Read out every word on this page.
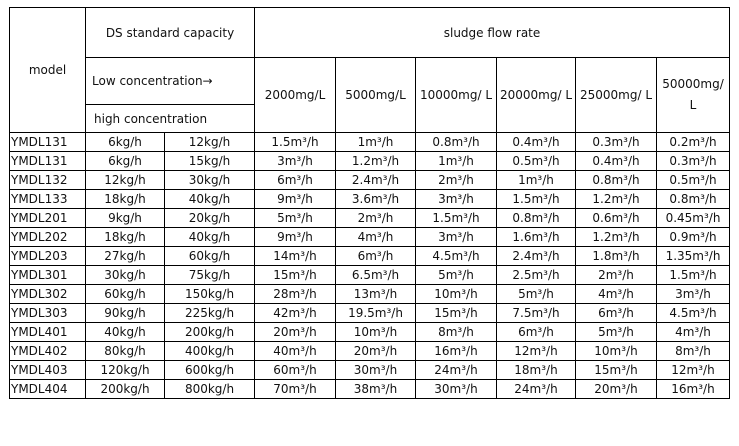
model	DS standard capacity		sludge flow rate					
	Low concentration→		2000mg/L	5000mg/L	10000mg/ L	20000mg/ L	25000mg/ L	50000mg/ L
	high concentration							
YMDL131	6kg/h	12kg/h	1.5m³/h	1m³/h	0.8m³/h	0.4m³/h	0.3m³/h	0.2m³/h
YMDL131	6kg/h	15kg/h	3m³/h	1.2m³/h	1m³/h	0.5m³/h	0.4m³/h	0.3m³/h
YMDL132	12kg/h	30kg/h	6m³/h	2.4m³/h	2m³/h	1m³/h	0.8m³/h	0.5m³/h
YMDL133	18kg/h	40kg/h	9m³/h	3.6m³/h	3m³/h	1.5m³/h	1.2m³/h	0.8m³/h
YMDL201	9kg/h	20kg/h	5m³/h	2m³/h	1.5m³/h	0.8m³/h	0.6m³/h	0.45m³/h
YMDL202	18kg/h	40kg/h	9m³/h	4m³/h	3m³/h	1.6m³/h	1.2m³/h	0.9m³/h
YMDL203	27kg/h	60kg/h	14m³/h	6m³/h	4.5m³/h	2.4m³/h	1.8m³/h	1.35m³/h
YMDL301	30kg/h	75kg/h	15m³/h	6.5m³/h	5m³/h	2.5m³/h	2m³/h	1.5m³/h
YMDL302	60kg/h	150kg/h	28m³/h	13m³/h	10m³/h	5m³/h	4m³/h	3m³/h
YMDL303	90kg/h	225kg/h	42m³/h	19.5m³/h	15m³/h	7.5m³/h	6m³/h	4.5m³/h
YMDL401	40kg/h	200kg/h	20m³/h	10m³/h	8m³/h	6m³/h	5m³/h	4m³/h
YMDL402	80kg/h	400kg/h	40m³/h	20m³/h	16m³/h	12m³/h	10m³/h	8m³/h
YMDL403	120kg/h	600kg/h	60m³/h	30m³/h	24m³/h	18m³/h	15m³/h	12m³/h
YMDL404	200kg/h	800kg/h	70m³/h	38m³/h	30m³/h	24m³/h	20m³/h	16m³/h
